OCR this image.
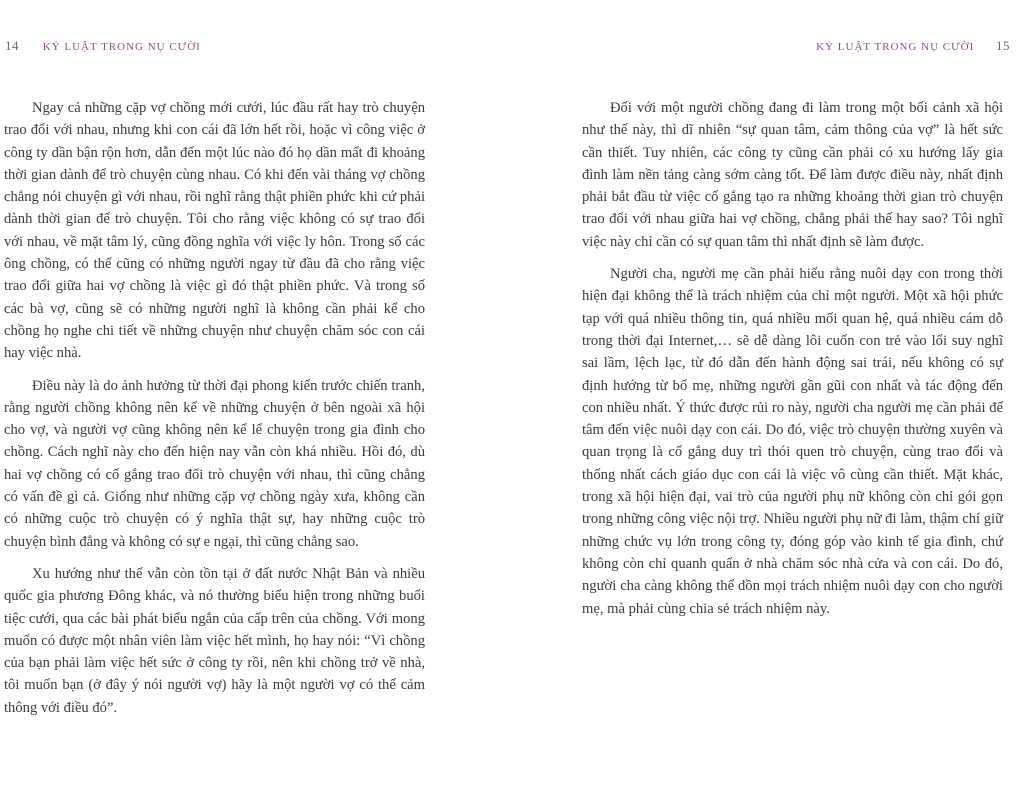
14 KỶ LUẬT TRONG NỤ CƯỜI

Ngay cả những cặp vợ chồng mới cưới, lúc đầu rất hay trò chuyện trao đổi với nhau, nhưng khi con cái đã lớn hết rồi, hoặc vì công việc ở công ty dần bận rộn hơn, dẫn đến một lúc nào đó họ dần mất đi khoảng thời gian dành để trò chuyện cùng nhau. Có khi đến vài tháng vợ chồng chẳng nói chuyện gì với nhau, rồi nghĩ rằng thật phiền phức khi cứ phải dành thời gian để trò chuyện. Tôi cho rằng việc không có sự trao đổi với nhau, về mặt tâm lý, cũng đồng nghĩa với việc ly hôn. Trong số các ông chồng, có thể cũng có những người ngay từ đầu đã cho rằng việc trao đổi giữa hai vợ chồng là việc gì đó thật phiền phức. Và trong số các bà vợ, cũng sẽ có những người nghĩ là không cần phải kể cho chồng họ nghe chi tiết về những chuyện như chuyện chăm sóc con cái hay việc nhà.

Điều này là do ảnh hưởng từ thời đại phong kiến trước chiến tranh, rằng người chồng không nên kể về những chuyện ở bên ngoài xã hội cho vợ, và người vợ cũng không nên kể lể chuyện trong gia đình cho chồng. Cách nghĩ này cho đến hiện nay vẫn còn khá nhiều. Hồi đó, dù hai vợ chồng có cố gắng trao đổi trò chuyện với nhau, thì cũng chẳng có vấn đề gì cả. Giống như những cặp vợ chồng ngày xưa, không cần có những cuộc trò chuyện có ý nghĩa thật sự, hay những cuộc trò chuyện bình đẳng và không có sự e ngại, thì cũng chẳng sao.

Xu hướng như thế vẫn còn tồn tại ở đất nước Nhật Bản và nhiều quốc gia phương Đông khác, và nó thường biểu hiện trong những buổi tiệc cưới, qua các bài phát biểu ngắn của cấp trên của chồng. Với mong muốn có được một nhân viên làm việc hết mình, họ hay nói: “Vì chồng của bạn phải làm việc hết sức ở công ty rồi, nên khi chồng trở về nhà, tôi muốn bạn (ở đây ý nói người vợ) hãy là một người vợ có thể cảm thông với điều đó”.

KỶ LUẬT TRONG NỤ CƯỜI 15

Đối với một người chồng đang đi làm trong một bối cảnh xã hội như thế này, thì dĩ nhiên “sự quan tâm, cảm thông của vợ” là hết sức cần thiết. Tuy nhiên, các công ty cũng cần phải có xu hướng lấy gia đình làm nền tảng càng sớm càng tốt. Để làm được điều này, nhất định phải bắt đầu từ việc cố gắng tạo ra những khoảng thời gian trò chuyện trao đổi với nhau giữa hai vợ chồng, chẳng phải thế hay sao? Tôi nghĩ việc này chỉ cần có sự quan tâm thì nhất định sẽ làm được.

Người cha, người mẹ cần phải hiểu rằng nuôi dạy con trong thời hiện đại không thể là trách nhiệm của chỉ một người. Một xã hội phức tạp với quá nhiều thông tin, quá nhiều mối quan hệ, quá nhiều cám dỗ trong thời đại Internet,… sẽ dễ dàng lôi cuốn con trẻ vào lối suy nghĩ sai lầm, lệch lạc, từ đó dẫn đến hành động sai trái, nếu không có sự định hướng từ bố mẹ, những người gần gũi con nhất và tác động đến con nhiều nhất. Ý thức được rủi ro này, người cha người mẹ cần phải để tâm đến việc nuôi dạy con cái. Do đó, việc trò chuyện thường xuyên và quan trọng là cố gắng duy trì thói quen trò chuyện, cùng trao đổi và thống nhất cách giáo dục con cái là việc vô cùng cần thiết. Mặt khác, trong xã hội hiện đại, vai trò của người phụ nữ không còn chỉ gói gọn trong những công việc nội trợ. Nhiều người phụ nữ đi làm, thậm chí giữ những chức vụ lớn trong công ty, đóng góp vào kinh tế gia đình, chứ không còn chỉ quanh quẩn ở nhà chăm sóc nhà cửa và con cái. Do đó, người cha càng không thể dồn mọi trách nhiệm nuôi dạy con cho người mẹ, mà phải cùng chia sẻ trách nhiệm này.
